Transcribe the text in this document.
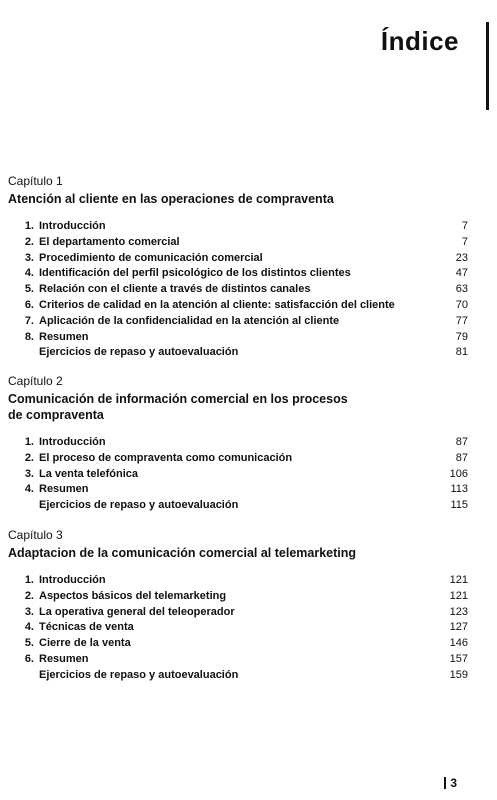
Índice
Capítulo 1
Atención al cliente en las operaciones de compraventa
1. Introducción	7
2. El departamento comercial	7
3. Procedimiento de comunicación comercial	23
4. Identificación del perfil psicológico de los distintos clientes	47
5. Relación con el cliente a través de distintos canales	63
6. Criterios de calidad en la atención al cliente: satisfacción del cliente	70
7. Aplicación de la confidencialidad en la atención al cliente	77
8. Resumen	79
Ejercicios de repaso y autoevaluación	81
Capítulo 2
Comunicación de información comercial en los procesos
de compraventa
1. Introducción	87
2. El proceso de compraventa como comunicación	87
3. La venta telefónica	106
4. Resumen	113
Ejercicios de repaso y autoevaluación	115
Capítulo 3
Adaptacion de la comunicación comercial al telemarketing
1. Introducción	121
2. Aspectos básicos del telemarketing	121
3. La operativa general del teleoperador	123
4. Técnicas de venta	127
5. Cierre de la venta	146
6. Resumen	157
Ejercicios de repaso y autoevaluación	159
3
